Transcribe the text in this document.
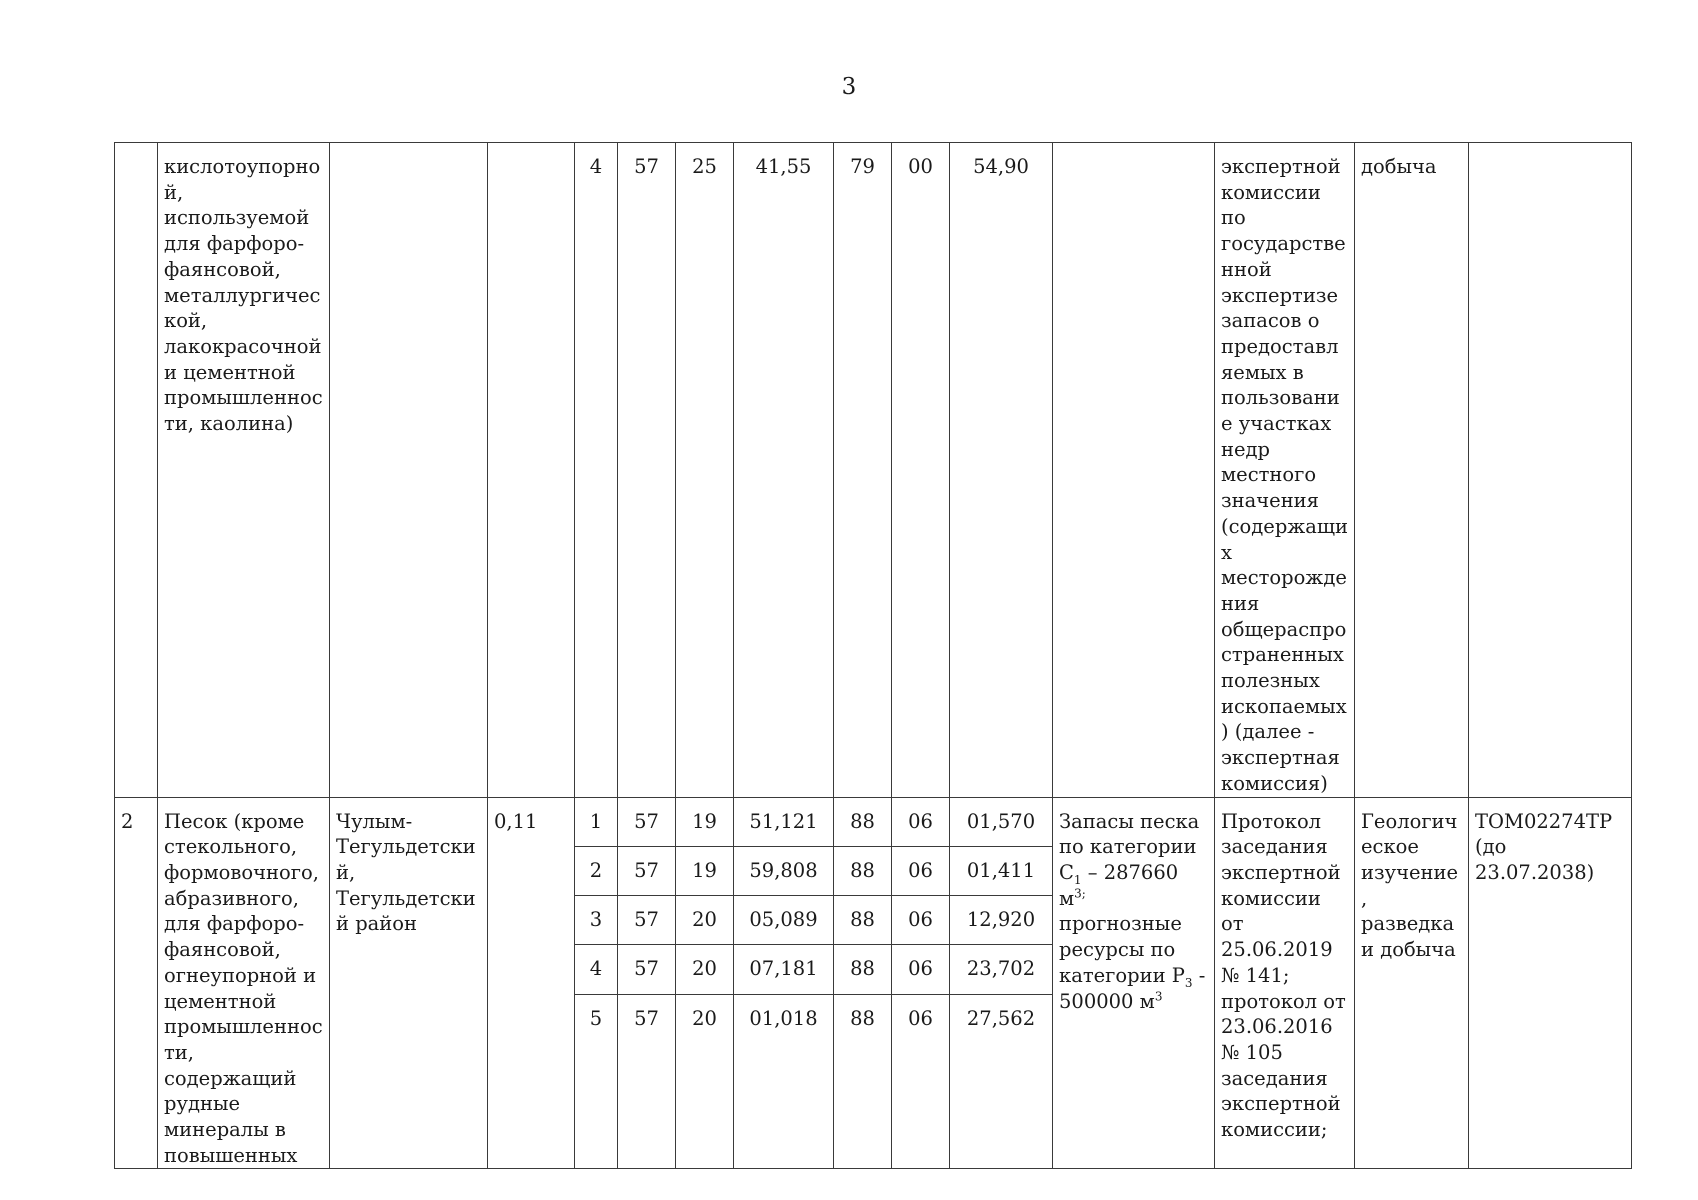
3
	кислотоупорной, используемой для фарфоро-фаянсовой, металлургической, лакокрасочной и цементной промышленности, каолина)			4	57	25	41,55	79	00	54,90		экспертной комиссии по государственной экспертизе запасов о предоставляемых в пользование участках недр местного значения (содержащих месторождения общераспространенных полезных ископаемых) (далее - экспертная комиссия)	добыча	
2	Песок (кроме стекольного, формовочного, абразивного, для фарфоро-фаянсовой, огнеупорной и цементной промышленности, содержащий рудные минералы в повышенных	Чулым-Тегульдетский, Тегульдетский район	0,11	1	57	19	51,121	88	06	01,570	Запасы песка по категории $С_1 - 287660$ $м^{3;}$ прогнозные ресурсы по категории $Р_3 - 500000$ $м^3$	Протокол заседания экспертной комиссии от 25.06.2019 № 141; протокол от 23.06.2016 № 105 заседания экспертной комиссии;	Геологическое изучение, разведка и добыча	ТОМ02274ТР (до 23.07.2038)
				2	57	19	59,808	88	06	01,411				
				3	57	20	05,089	88	06	12,920				
				4	57	20	07,181	88	06	23,702				
				5	57	20	01,018	88	06	27,562				
